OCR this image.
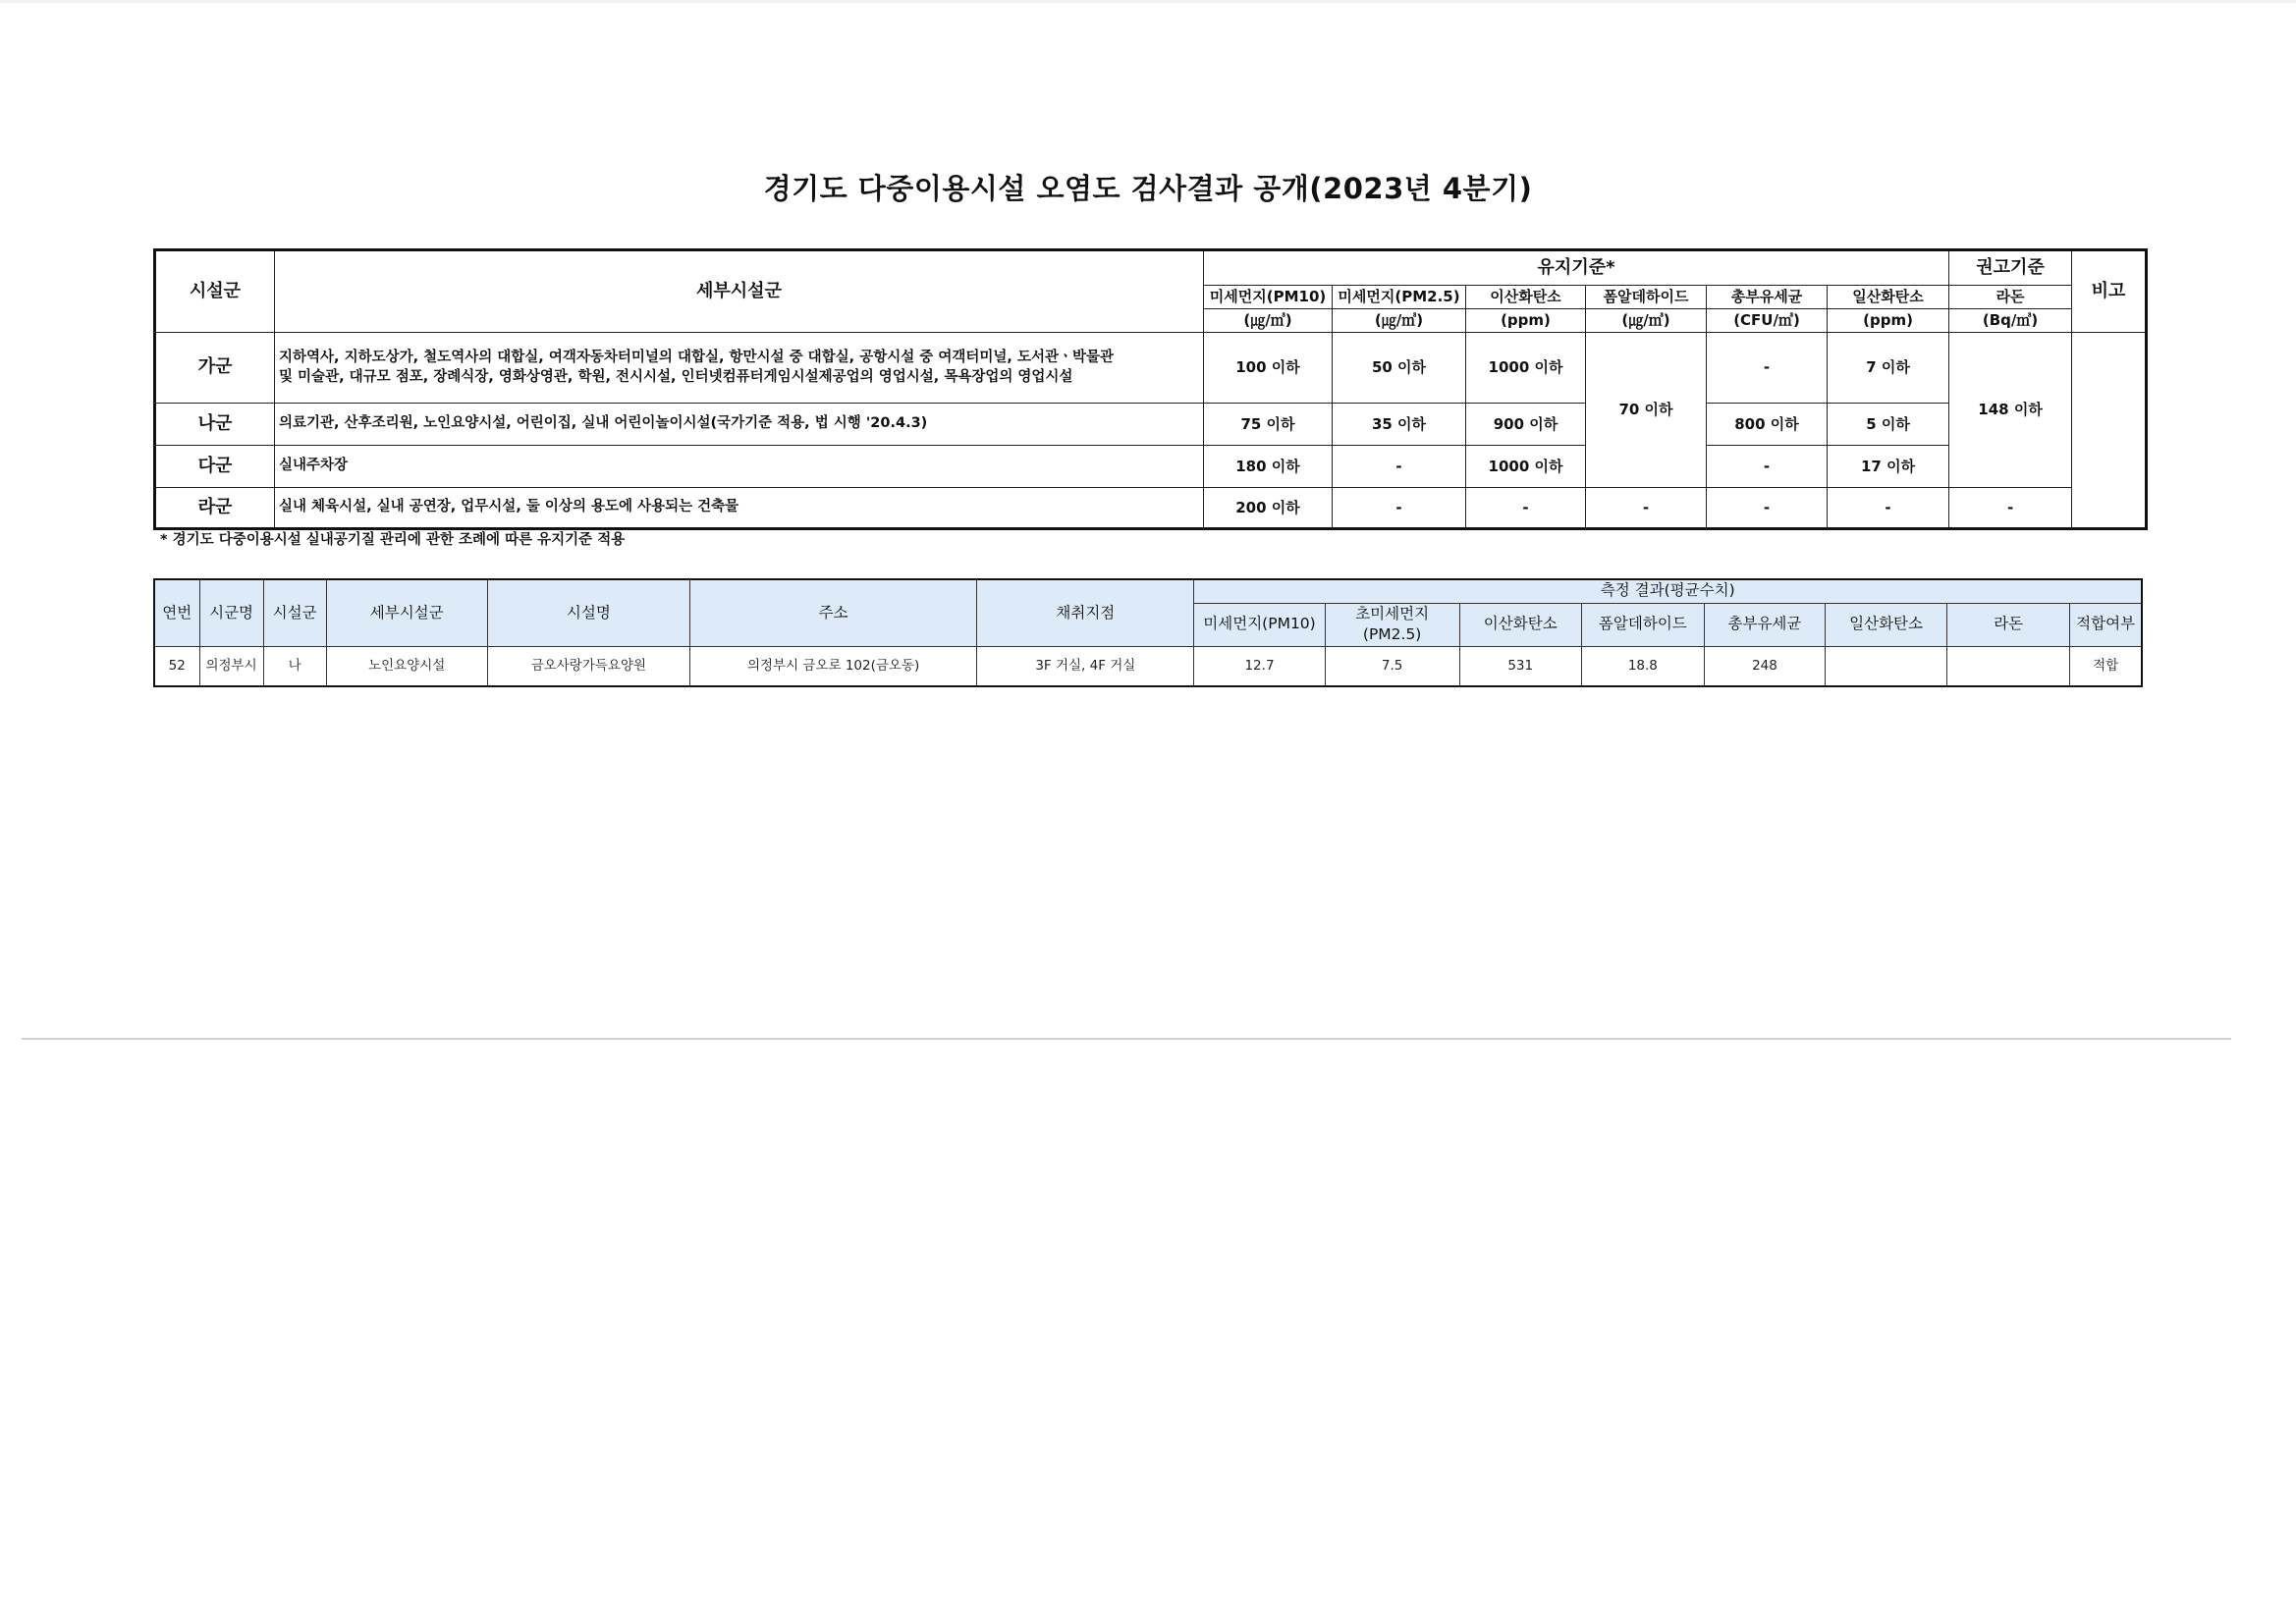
경기도 다중이용시설 오염도 검사결과 공개(2023년 4분기)
시설군	세부시설군	유지기준*						권고기준	비고
		미세먼지(PM10)	미세먼지(PM2.5)	이산화탄소	폼알데하이드	총부유세균	일산화탄소	라돈	
		(㎍/㎥)	(㎍/㎥)	(ppm)	(㎍/㎥)	(CFU/㎥)	(ppm)	(Bq/㎥)	
가군	지하역사, 지하도상가, 철도역사의 대합실, 여객자동차터미널의 대합실, 항만시설 중 대합실, 공항시설 중 여객터미널, 도서관ㆍ박물관
및 미술관, 대규모 점포, 장례식장, 영화상영관, 학원, 전시시설, 인터넷컴퓨터게임시설제공업의 영업시설, 목욕장업의 영업시설	100 이하	50 이하	1000 이하	70 이하	-	7 이하	148 이하	
나군	의료기관, 산후조리원, 노인요양시설, 어린이집, 실내 어린이놀이시설(국가기준 적용, 법 시행 '20.4.3)	75 이하	35 이하	900 이하		800 이하	5 이하		
다군	실내주차장	180 이하	-	1000 이하		-	17 이하		
라군	실내 체육시설, 실내 공연장, 업무시설, 둘 이상의 용도에 사용되는 건축물	200 이하	-	-	-	-	-	-	
* 경기도 다중이용시설 실내공기질 관리에 관한 조례에 따른 유지기준 적용
연번	시군명	시설군	세부시설군	시설명	주소	채취지점	측정 결과(평균수치)							
							미세먼지(PM10)	초미세먼지
(PM2.5)	이산화탄소	폼알데하이드	총부유세균	일산화탄소	라돈	적합여부
52	의정부시	나	노인요양시설	금오사랑가득요양원	의정부시 금오로 102(금오동)	3F 거실, 4F 거실	12.7	7.5	531	18.8	248			적합
